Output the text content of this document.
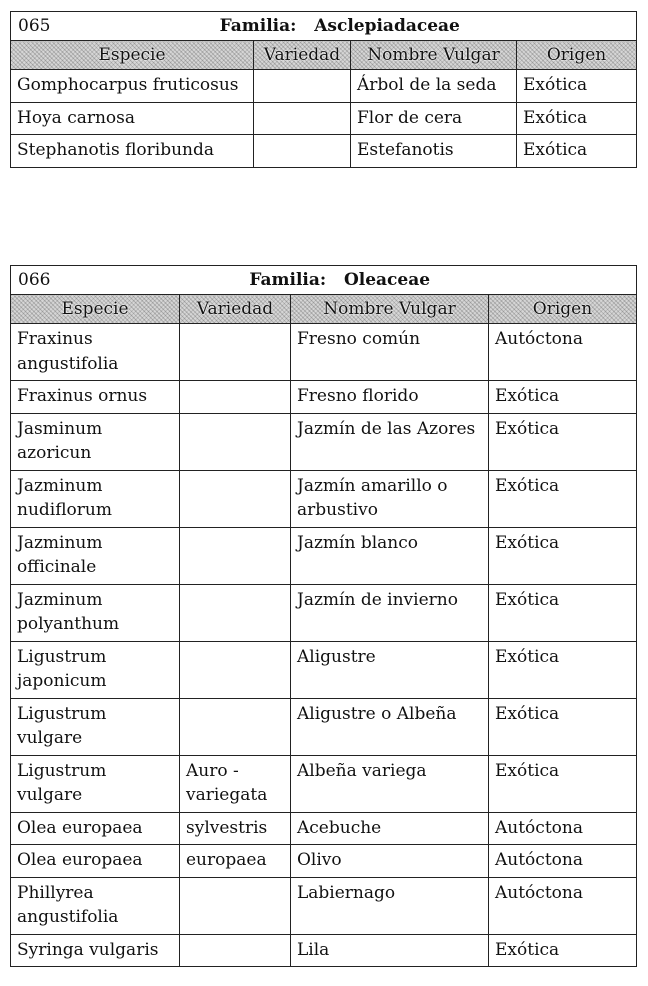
065 Familia: Asclepiadaceae			

Especie	Variedad	Nombre Vulgar	Origen
Gomphocarpus fruticosus		Árbol de la seda	Exótica
Hoya carnosa		Flor de cera	Exótica
Stephanotis floribunda		Estefanotis	Exótica
066 Familia: Oleaceae			

Especie	Variedad	Nombre Vulgar	Origen
Fraxinus angustifolia		Fresno común	Autóctona
Fraxinus ornus		Fresno florido	Exótica
Jasminum azoricun		Jazmín de las Azores	Exótica
Jazminum nudiflorum		Jazmín amarillo o arbustivo	Exótica
Jazminum officinale		Jazmín blanco	Exótica
Jazminum polyanthum		Jazmín de invierno	Exótica
Ligustrum japonicum		Aligustre	Exótica
Ligustrum vulgare		Aligustre o Albeña	Exótica
Ligustrum vulgare	Auro - variegata	Albeña variega	Exótica
Olea europaea	sylvestris	Acebuche	Autóctona
Olea europaea	europaea	Olivo	Autóctona
Phillyrea angustifolia		Labiernago	Autóctona
Syringa vulgaris		Lila	Exótica
